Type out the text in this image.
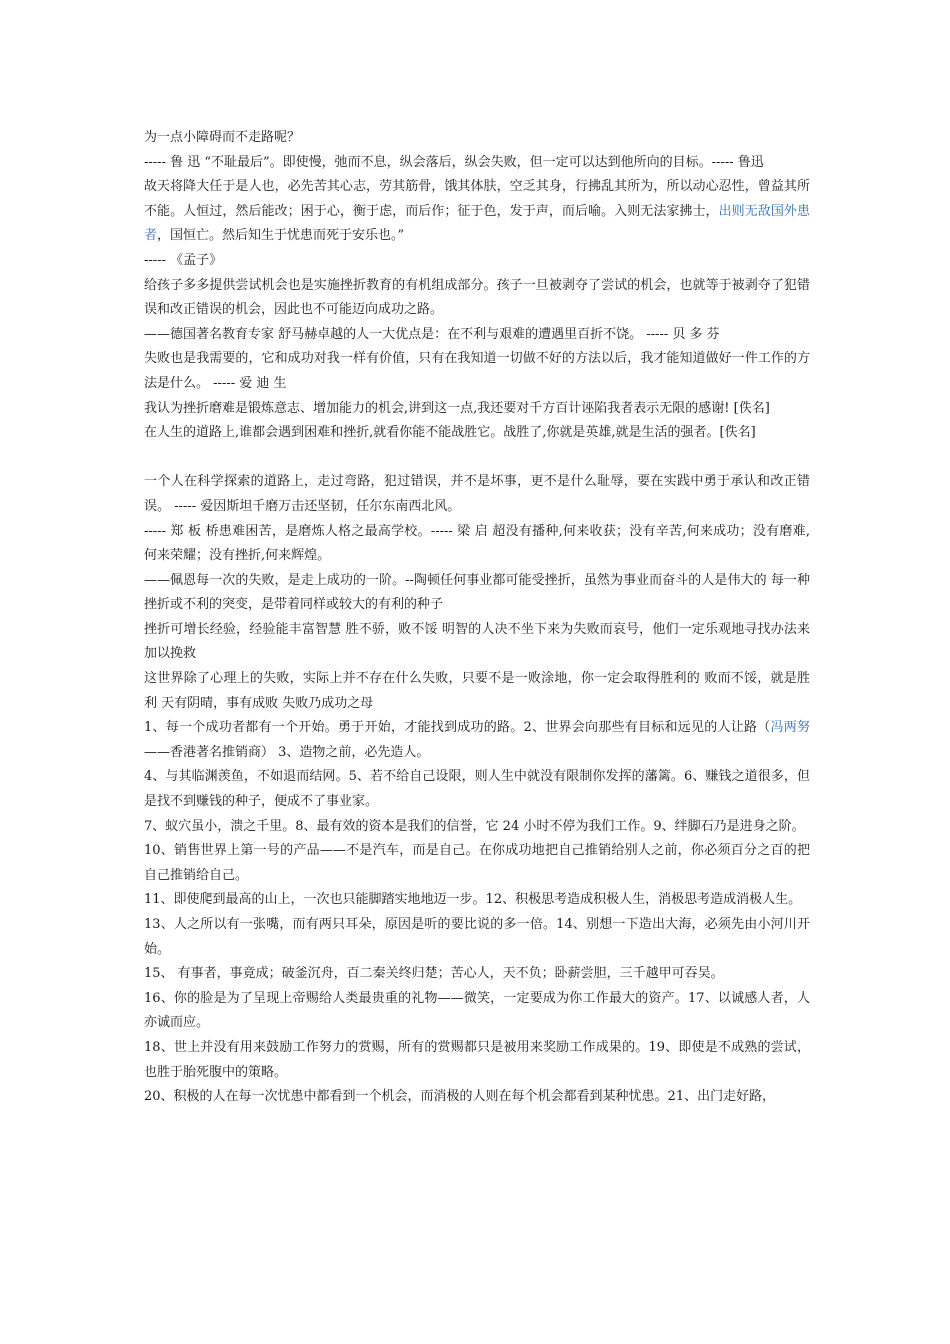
为一点小障碍而不走路呢？

----- 鲁 迅 “不耻最后”。即使慢，弛而不息，纵会落后，纵会失败，但一定可以达到他所向的目标。----- 鲁迅

故天将降大任于是人也，必先苦其心志，劳其筋骨，饿其体肤，空乏其身，行拂乱其所为，所以动心忍性，曾益其所不能。人恒过，然后能改；困于心，衡于虑，而后作；征于色，发于声，而后喻。入则无法家拂士，出则无敌国外患者，国恒亡。然后知生于忧患而死于安乐也。”

----- 《孟子》

给孩子多多提供尝试机会也是实施挫折教育的有机组成部分。孩子一旦被剥夺了尝试的机会，也就等于被剥夺了犯错误和改正错误的机会，因此也不可能迈向成功之路。

——德国著名教育专家 舒马赫卓越的人一大优点是：在不利与艰难的遭遇里百折不饶。 ----- 贝 多 芬

失败也是我需要的，它和成功对我一样有价值，只有在我知道一切做不好的方法以后，我才能知道做好一件工作的方法是什么。 ----- 爱 迪 生

我认为挫折磨难是锻炼意志、增加能力的机会,讲到这一点,我还要对千方百计诬陷我者表示无限的感谢! [佚名]

在人生的道路上,谁都会遇到困难和挫折,就看你能不能战胜它。战胜了,你就是英雄,就是生活的强者。[佚名]

一个人在科学探索的道路上，走过弯路，犯过错误，并不是坏事，更不是什么耻辱，要在实践中勇于承认和改正错误。 ----- 爱因斯坦千磨万击还坚韧，任尔东南西北风。

----- 郑 板 桥患难困苦，是磨炼人格之最高学校。----- 梁 启 超没有播种,何来收获；没有辛苦,何来成功；没有磨难,何来荣耀；没有挫折,何来辉煌。

——佩恩每一次的失败，是走上成功的一阶。--陶顿任何事业都可能受挫折，虽然为事业而奋斗的人是伟大的 每一种挫折或不利的突变，是带着同样或较大的有利的种子

挫折可增长经验，经验能丰富智慧 胜不骄，败不馁 明智的人决不坐下来为失败而哀号，他们一定乐观地寻找办法来加以挽救

这世界除了心理上的失败，实际上并不存在什么失败，只要不是一败涂地，你一定会取得胜利的 败而不馁，就是胜利 天有阴晴，事有成败 失败乃成功之母

1、每一个成功者都有一个开始。勇于开始，才能找到成功的路。2、世界会向那些有目标和远见的人让路（冯两努——香港著名推销商） 3、造物之前，必先造人。

4、与其临渊羡鱼，不如退而结网。5、若不给自己设限，则人生中就没有限制你发挥的藩篱。6、赚钱之道很多，但是找不到赚钱的种子，便成不了事业家。

7、蚁穴虽小，溃之千里。8、最有效的资本是我们的信誉，它 24 小时不停为我们工作。9、绊脚石乃是进身之阶。

10、销售世界上第一号的产品——不是汽车，而是自己。在你成功地把自己推销给别人之前，你必须百分之百的把自己推销给自己。

11、即使爬到最高的山上，一次也只能脚踏实地地迈一步。12、积极思考造成积极人生，消极思考造成消极人生。

13、人之所以有一张嘴，而有两只耳朵，原因是听的要比说的多一倍。14、别想一下造出大海，必须先由小河川开始。

15、 有事者，事竟成；破釜沉舟，百二秦关终归楚；苦心人，天不负；卧薪尝胆，三千越甲可吞吴。

16、你的脸是为了呈现上帝赐给人类最贵重的礼物——微笑，一定要成为你工作最大的资产。17、以诚感人者，人亦诚而应。

18、世上并没有用来鼓励工作努力的赏赐，所有的赏赐都只是被用来奖励工作成果的。19、即使是不成熟的尝试，也胜于胎死腹中的策略。

20、积极的人在每一次忧患中都看到一个机会，而消极的人则在每个机会都看到某种忧患。21、出门走好路，
